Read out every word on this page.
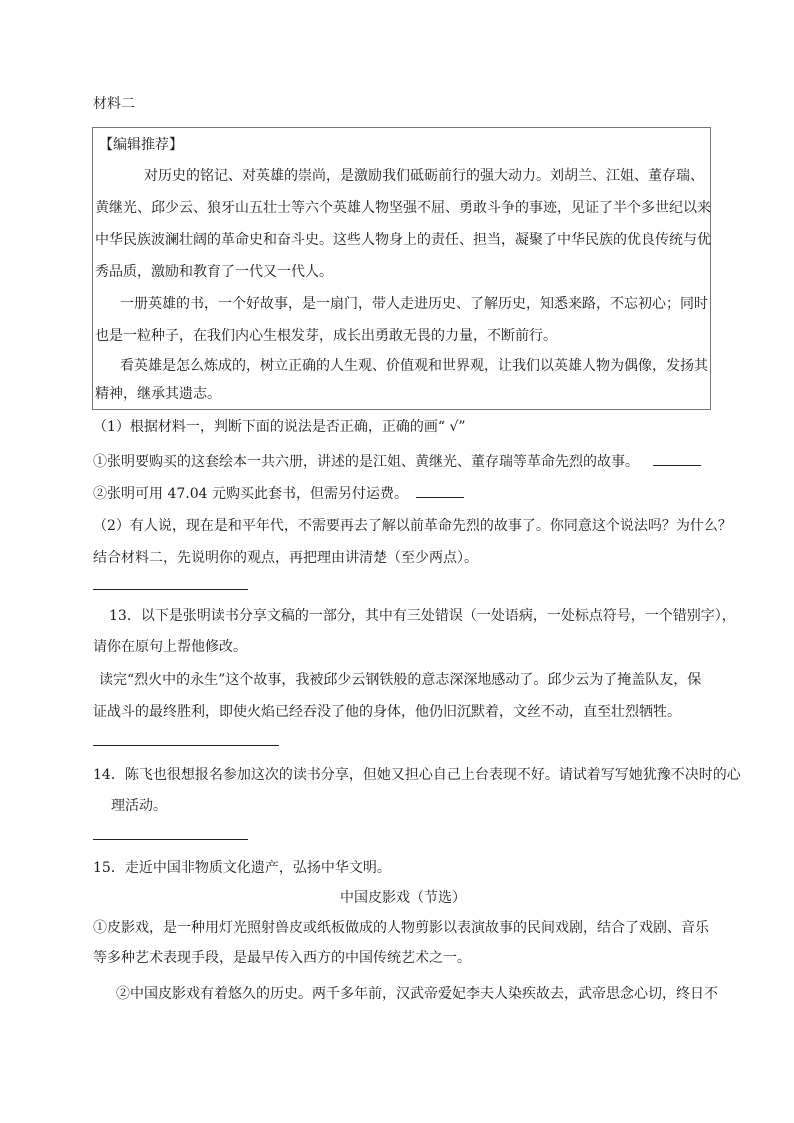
材料二
【编辑推荐】
对历史的铭记、对英雄的崇尚，是激励我们砥砺前行的强大动力。刘胡兰、江姐、董存瑞、
黄继光、邱少云、狼牙山五壮士等六个英雄人物坚强不屈、勇敢斗争的事迹，见证了半个多世纪以来
中华民族波澜壮阔的革命史和奋斗史。这些人物身上的责任、担当，凝聚了中华民族的优良传统与优
秀品质，激励和教育了一代又一代人。
一册英雄的书，一个好故事，是一扇门，带人走进历史、了解历史，知悉来路，不忘初心；同时
也是一粒种子，在我们内心生根发芽，成长出勇敢无畏的力量，不断前行。
看英雄是怎么炼成的，树立正确的人生观、价值观和世界观，让我们以英雄人物为偶像，发扬其
精神，继承其遗志。
（1）根据材料一，判断下面的说法是否正确，正确的画“ √”
①张明要购买的这套绘本一共六册，讲述的是江姐、黄继光、董存瑞等革命先烈的故事。
②张明可用 47.04 元购买此套书，但需另付运费。
（2）有人说，现在是和平年代，不需要再去了解以前革命先烈的故事了。你同意这个说法吗？为什么？
结合材料二，先说明你的观点，再把理由讲清楚（至少两点）。
13．以下是张明读书分享文稿的一部分，其中有三处错误（一处语病，一处标点符号，一个错别字），
请你在原句上帮他修改。
读完“烈火中的永生”这个故事，我被邱少云钢铁般的意志深深地感动了。邱少云为了掩盖队友，保
证战斗的最终胜利，即使火焰已经吞没了他的身体，他仍旧沉默着，文丝不动，直至壮烈牺牲。
14．陈飞也很想报名参加这次的读书分享，但她又担心自己上台表现不好。请试着写写她犹豫不决时的心
理活动。
15．走近中国非物质文化遗产，弘扬中华文明。
中国皮影戏（节选）
①皮影戏，是一种用灯光照射兽皮或纸板做成的人物剪影以表演故事的民间戏剧，结合了戏剧、音乐
等多种艺术表现手段，是最早传入西方的中国传统艺术之一。
②中国皮影戏有着悠久的历史。两千多年前，汉武帝爱妃李夫人染疾故去，武帝思念心切，终日不
